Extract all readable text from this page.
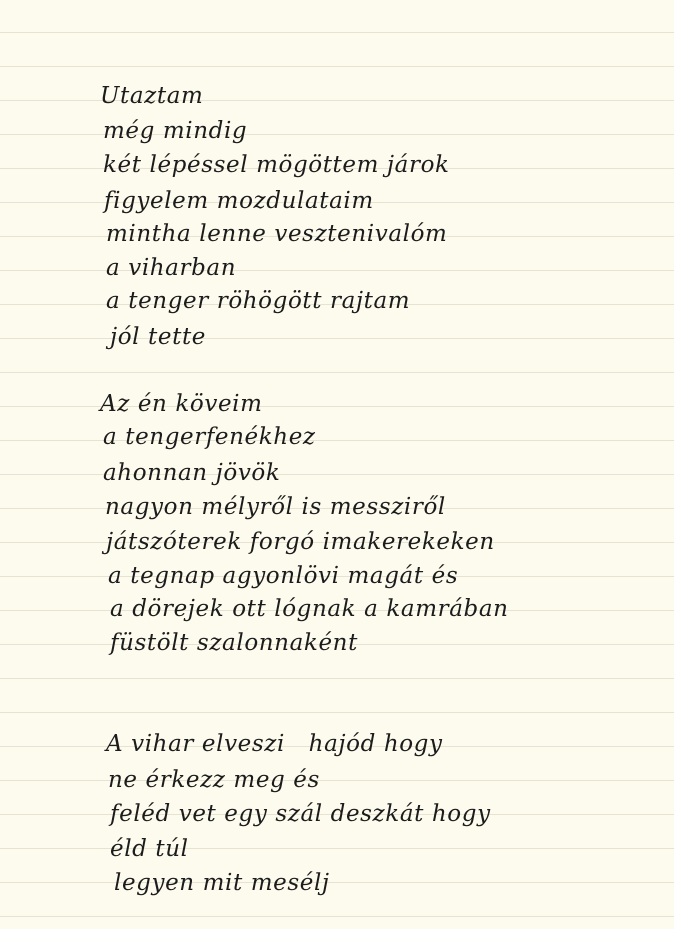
Utaztam
még mindig
két lépéssel mögöttem járok
figyelem mozdulataim
mintha lenne vesztenivalóm
a viharban
a tenger röhögött rajtam
jól tette
Az én köveim
a tengerfenékhez
ahonnan jövök
nagyon mélyről is messziről
játszóterek forgó imakerekeken
a tegnap agyonlövi magát és
a dörejek ott lógnak a kamrában
füstölt szalonnaként
A vihar elveszi   hajód hogy
ne érkezz meg és
feléd vet egy szál deszkát hogy
éld túl
legyen mit mesélj
